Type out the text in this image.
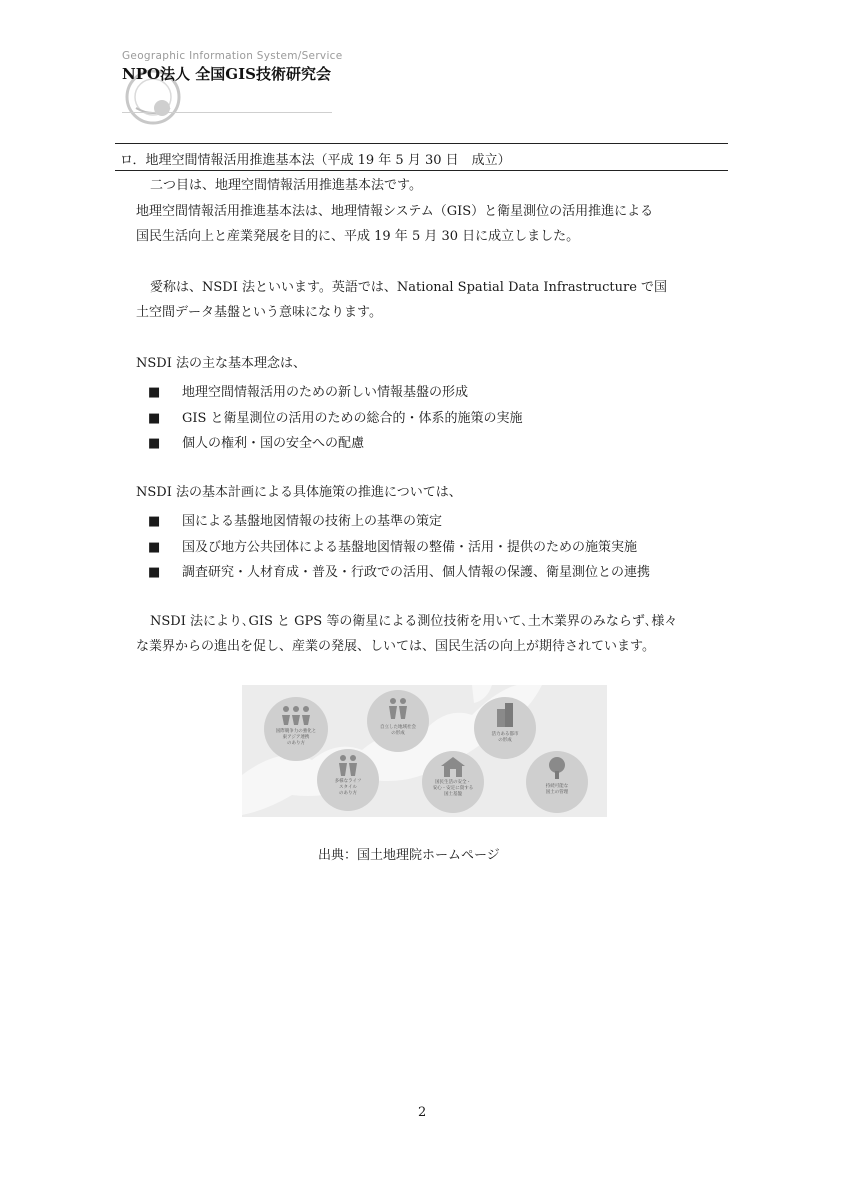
Geographic Information System/Service
NPO法人 全国GIS技術研究会
ロ．地理空間情報活用推進基本法（平成 19 年 5 月 30 日　成立）
二つ目は、地理空間情報活用推進基本法です。
地理空間情報活用推進基本法は、地理情報システム（GIS）と衛星測位の活用推進による
国民生活向上と産業発展を目的に、平成 19 年 5 月 30 日に成立しました。
愛称は、NSDI 法といいます。英語では、National Spatial Data Infrastructure で国
土空間データ基盤という意味になります。
NSDI 法の主な基本理念は、
■ 地理空間情報活用のための新しい情報基盤の形成
■ GIS と衛星測位の活用のための総合的・体系的施策の実施
■ 個人の権利・国の安全への配慮
NSDI 法の基本計画による具体施策の推進については、
■ 国による基盤地図情報の技術上の基準の策定
■ 国及び地方公共団体による基盤地図情報の整備・活用・提供のための施策実施
■ 調査研究・人材育成・普及・行政での活用、個人情報の保護、衛星測位との連携
NSDI 法により､GIS と GPS 等の衛星による測位技術を用いて､土木業界のみならず､様々
な業界からの進出を促し、産業の発展、しいては、国民生活の向上が期待されています。
国際競争力の強化と
東アジア連携
のあり方
自立した地域社会
の形成	活力ある都市
の形成
多様なライフ
スタイル
のあり方
国民生活の安全・
安心・安定に資する
国土基盤
持続可能な
国土の管理
出典：国土地理院ホームページ
2
